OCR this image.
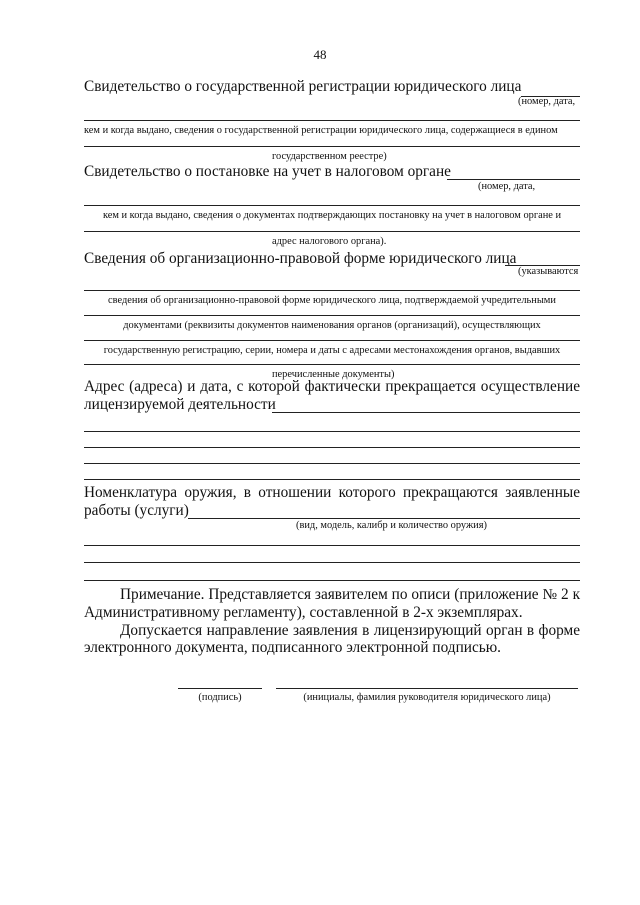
48
Свидетельство о государственной регистрации юридического лица
(номер, дата,
кем и когда выдано, сведения о государственной регистрации юридического лица, содержащиеся в едином
государственном реестре)
Свидетельство о постановке на учет в налоговом органе
(номер, дата,
кем и когда выдано, сведения о документах подтверждающих постановку на учет в налоговом органе и
адрес налогового органа).
Сведения об организационно-правовой форме юридического лица
(указываются
сведения об организационно-правовой форме юридического лица, подтверждаемой учредительными
документами (реквизиты документов наименования органов (организаций), осуществляющих
государственную регистрацию, серии, номера и даты с адресами местонахождения органов, выдавших
перечисленные документы)
Адрес (адреса) и дата, с которой фактически прекращается осуществление
лицензируемой деятельности
Номенклатура оружия, в отношении которого прекращаются заявленные
работы (услуги)
(вид, модель, калибр и количество оружия)
Примечание. Представляется заявителем по описи (приложение № 2 к
Административному регламенту), составленной в 2-х экземплярах.
Допускается направление заявления в лицензирующий орган в форме
электронного документа, подписанного электронной подписью.
(подпись)	(инициалы, фамилия руководителя юридического лица)
